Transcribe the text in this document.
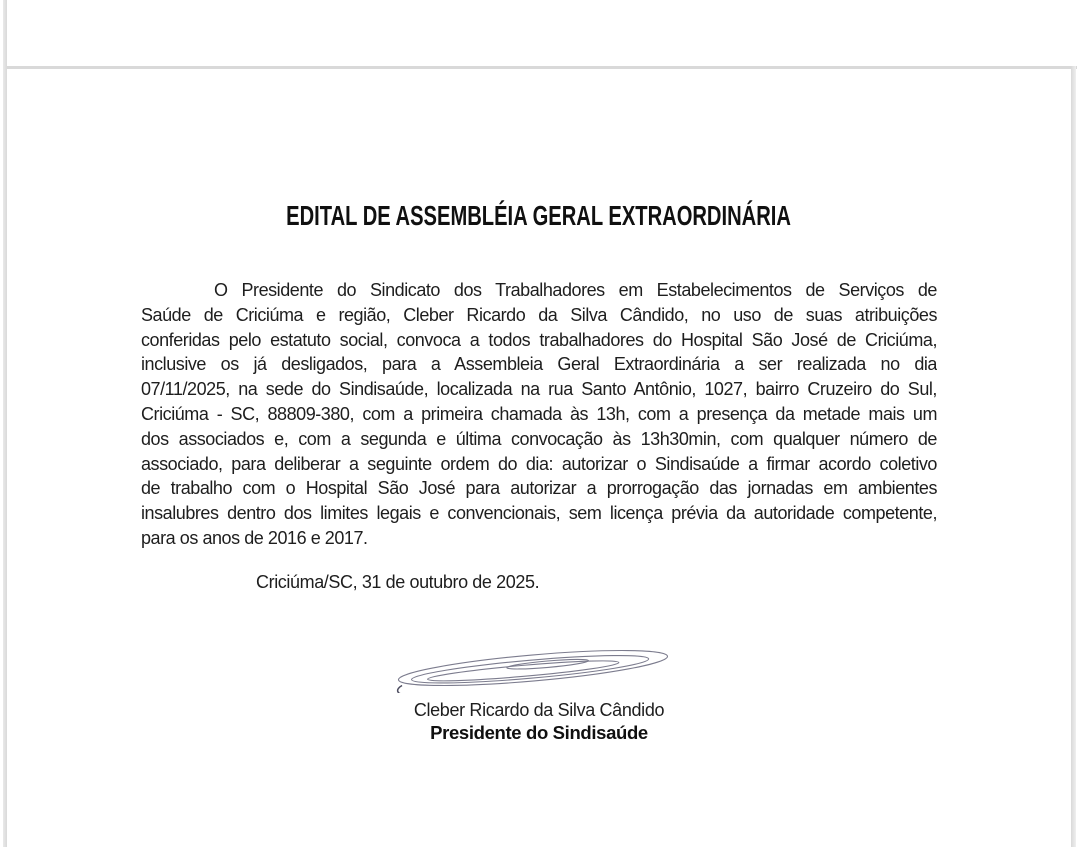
EDITAL DE ASSEMBLÉIA GERAL EXTRAORDINÁRIA
O Presidente do Sindicato dos Trabalhadores em Estabelecimentos de Serviços de
Saúde de Criciúma e região, Cleber Ricardo da Silva Cândido, no uso de suas atribuições
conferidas pelo estatuto social, convoca a todos trabalhadores do Hospital São José de Criciúma,
inclusive os já desligados, para a Assembleia Geral Extraordinária a ser realizada no dia
07/11/2025, na sede do Sindisaúde, localizada na rua Santo Antônio, 1027, bairro Cruzeiro do Sul,
Criciúma - SC, 88809-380, com a primeira chamada às 13h, com a presença da metade mais um
dos associados e, com a segunda e última convocação às 13h30min, com qualquer número de
associado, para deliberar a seguinte ordem do dia: autorizar o Sindisaúde a firmar acordo coletivo
de trabalho com o Hospital São José para autorizar a prorrogação das jornadas em ambientes
insalubres dentro dos limites legais e convencionais, sem licença prévia da autoridade competente,
para os anos de 2016 e 2017.
Criciúma/SC, 31 de outubro de 2025.
Cleber Ricardo da Silva Cândido
Presidente do Sindisaúde
